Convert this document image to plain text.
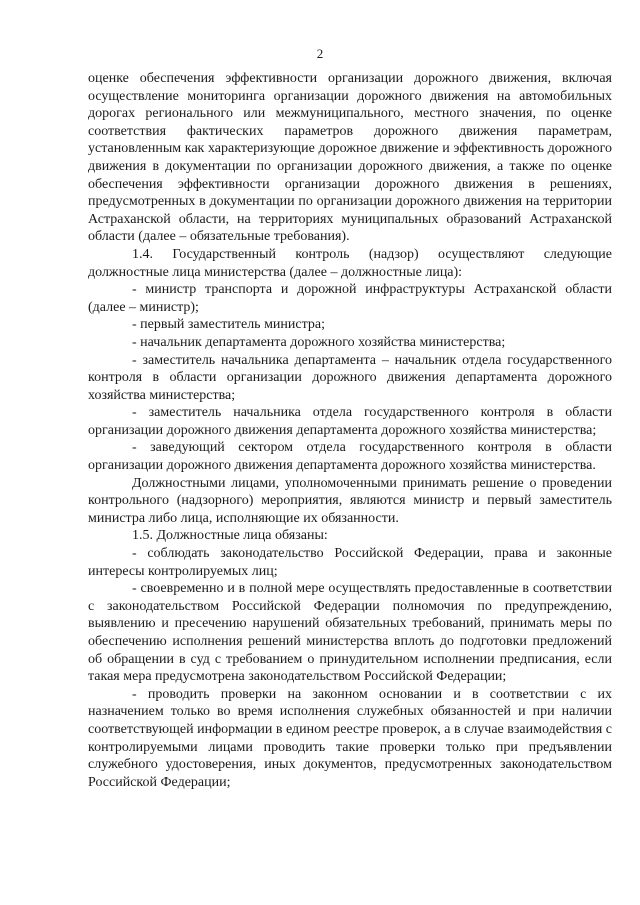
2

оценке обеспечения эффективности организации дорожного движения, включая осуществление мониторинга организации дорожного движения на автомобильных дорогах регионального или межмуниципального, местного значения, по оценке соответствия фактических параметров дорожного движения параметрам, установленным как характеризующие дорожное движение и эффективность дорожного движения в документации по организации дорожного движения, а также по оценке обеспечения эффективности организации дорожного движения в решениях, предусмотренных в документации по организации дорожного движения на территории Астраханской области, на территориях муниципальных образований Астраханской области (далее – обязательные требования).

1.4. Государственный контроль (надзор) осуществляют следующие должностные лица министерства (далее – должностные лица):

- министр транспорта и дорожной инфраструктуры Астраханской области (далее – министр);

- первый заместитель министра;

- начальник департамента дорожного хозяйства министерства;

- заместитель начальника департамента – начальник отдела государственного контроля в области организации дорожного движения департамента дорожного хозяйства министерства;

- заместитель начальника отдела государственного контроля в области организации дорожного движения департамента дорожного хозяйства министерства;

- заведующий сектором отдела государственного контроля в области организации дорожного движения департамента дорожного хозяйства министерства.

Должностными лицами, уполномоченными принимать решение о проведении контрольного (надзорного) мероприятия, являются министр и первый заместитель министра либо лица, исполняющие их обязанности.

1.5. Должностные лица обязаны:

- соблюдать законодательство Российской Федерации, права и законные интересы контролируемых лиц;

- своевременно и в полной мере осуществлять предоставленные в соответствии с законодательством Российской Федерации полномочия по предупреждению, выявлению и пресечению нарушений обязательных требований, принимать меры по обеспечению исполнения решений министерства вплоть до подготовки предложений об обращении в суд с требованием о принудительном исполнении предписания, если такая мера предусмотрена законодательством Российской Федерации;

- проводить проверки на законном основании и в соответствии с их назначением только во время исполнения служебных обязанностей и при наличии соответствующей информации в едином реестре проверок, а в случае взаимодействия с контролируемыми лицами проводить такие проверки только при предъявлении служебного удостоверения, иных документов, предусмотренных законодательством Российской Федерации;
